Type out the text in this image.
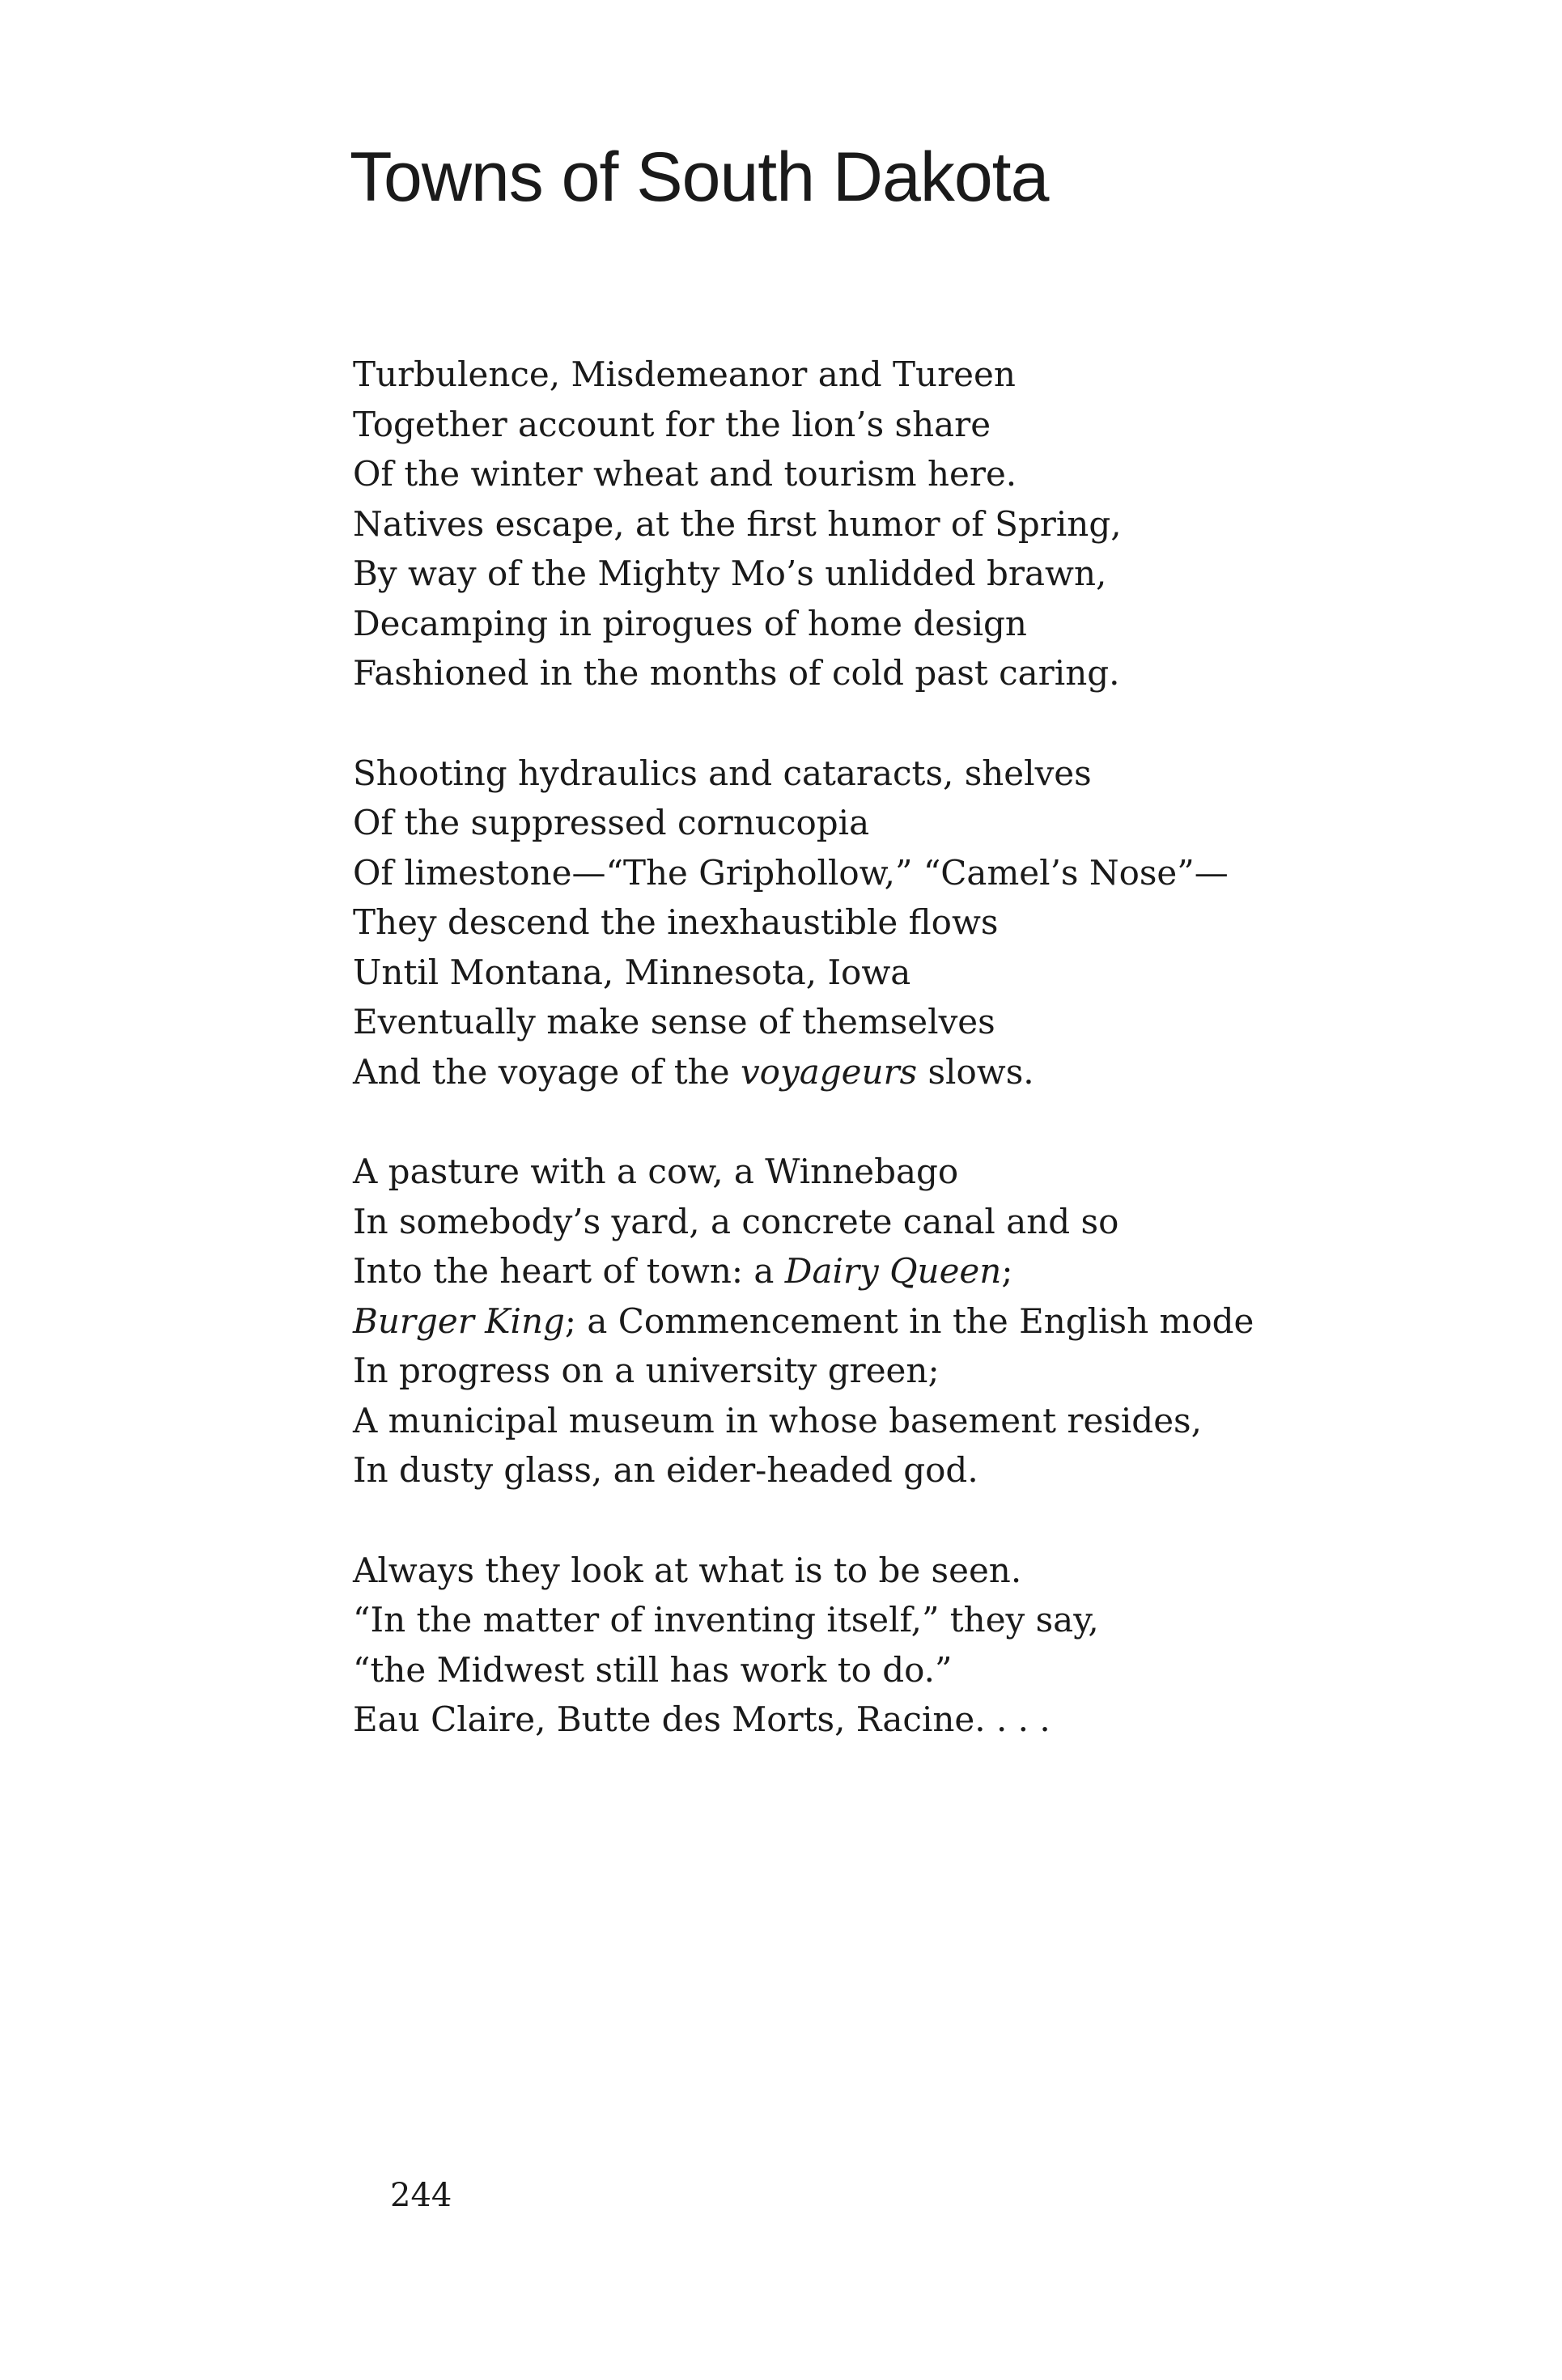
Towns of South Dakota
Turbulence, Misdemeanor and Tureen
Together account for the lion’s share
Of the winter wheat and tourism here.
Natives escape, at the first humor of Spring,
By way of the Mighty Mo’s unlidded brawn,
Decamping in pirogues of home design
Fashioned in the months of cold past caring.
Shooting hydraulics and cataracts, shelves
Of the suppressed cornucopia
Of limestone—“The Griphollow,” “Camel’s Nose”—
They descend the inexhaustible flows
Until Montana, Minnesota, Iowa
Eventually make sense of themselves
And the voyage of the voyageurs slows.
A pasture with a cow, a Winnebago
In somebody’s yard, a concrete canal and so
Into the heart of town: a Dairy Queen;
Burger King; a Commencement in the English mode
In progress on a university green;
A municipal museum in whose basement resides,
In dusty glass, an eider-headed god.
Always they look at what is to be seen.
“In the matter of inventing itself,” they say,
“the Midwest still has work to do.”
Eau Claire, Butte des Morts, Racine. . . .

244
